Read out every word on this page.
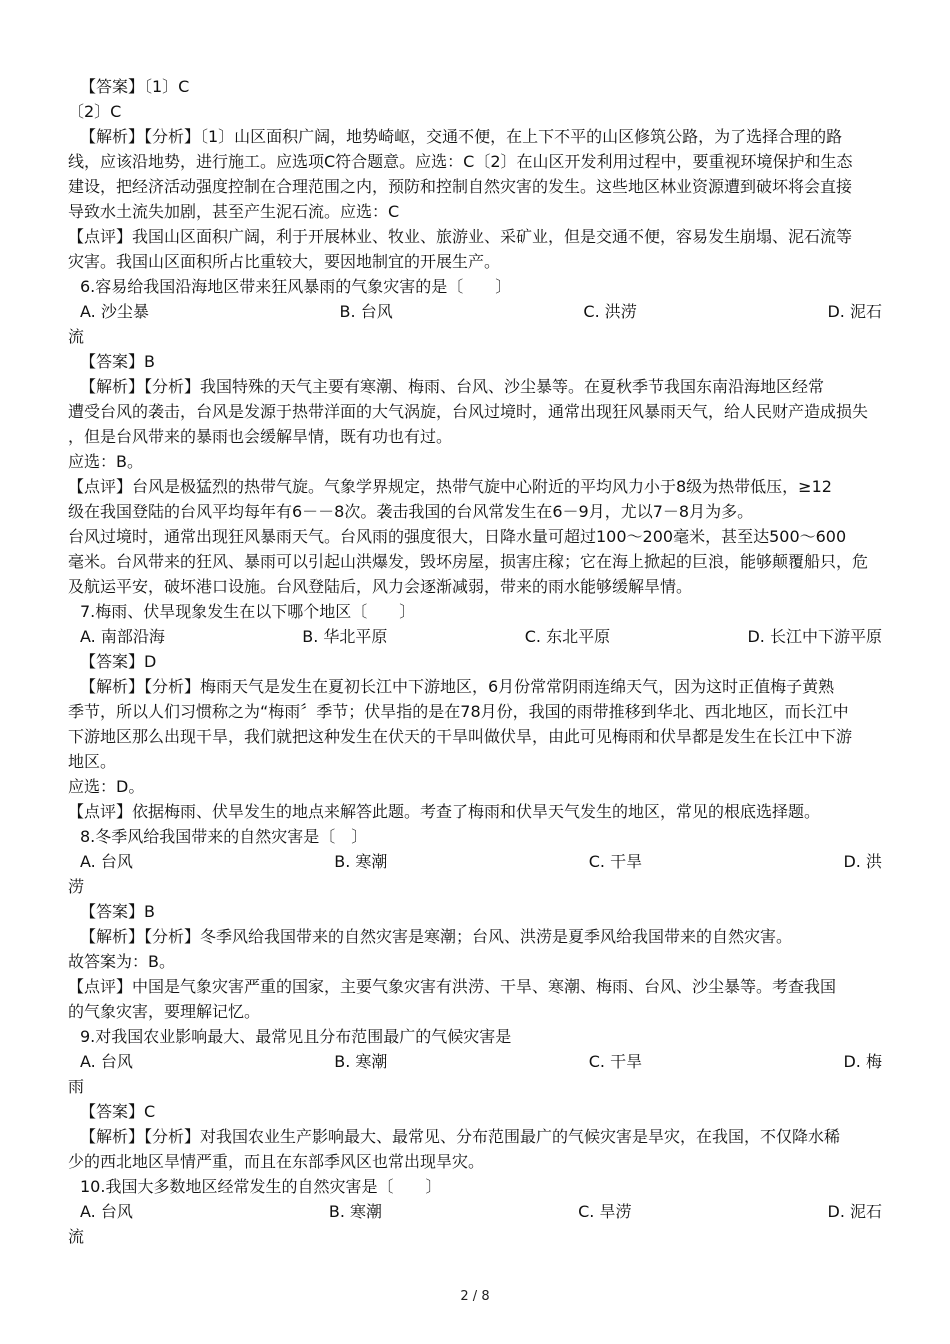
【答案】〔1〕C
〔2〕C
【解析】【分析】〔1〕山区面积广阔，地势崎岖，交通不便，在上下不平的山区修筑公路，为了选择合理的路
线，应该沿地势，进行施工。应选项C符合题意。应选：C〔2〕在山区开发利用过程中，要重视环境保护和生态
建设，把经济活动强度控制在合理范围之内，预防和控制自然灾害的发生。这些地区林业资源遭到破坏将会直接
导致水土流失加剧，甚至产生泥石流。应选：C
【点评】我国山区面积广阔，利于开展林业、牧业、旅游业、采矿业，但是交通不便，容易发生崩塌、泥石流等
灾害。我国山区面积所占比重较大，要因地制宜的开展生产。
6.容易给我国沿海地区带来狂风暴雨的气象灾害的是〔　　〕
A. 沙尘暴	B. 台风	C. 洪涝	D. 泥石
流
【答案】B
【解析】【分析】我国特殊的天气主要有寒潮、梅雨、台风、沙尘暴等。在夏秋季节我国东南沿海地区经常
遭受台风的袭击，台风是发源于热带洋面的大气涡旋，台风过境时，通常出现狂风暴雨天气，给人民财产造成损失
，但是台风带来的暴雨也会缓解旱情，既有功也有过。
应选：B。
【点评】台风是极猛烈的热带气旋。气象学界规定，热带气旋中心附近的平均风力小于8级为热带低压，≥12
级在我国登陆的台风平均每年有6－－8次。袭击我国的台风常发生在6－9月，尤以7－8月为多。
台风过境时，通常出现狂风暴雨天气。台风雨的强度很大，日降水量可超过100～200毫米，甚至达500～600
毫米。台风带来的狂风、暴雨可以引起山洪爆发，毁坏房屋，损害庄稼；它在海上掀起的巨浪，能够颠覆船只，危
及航运平安，破坏港口设施。台风登陆后，风力会逐渐减弱，带来的雨水能够缓解旱情。
7.梅雨、伏旱现象发生在以下哪个地区〔　　〕
A. 南部沿海	B. 华北平原	C. 东北平原	D. 长江中下游平原
【答案】D
【解析】【分析】梅雨天气是发生在夏初长江中下游地区，6月份常常阴雨连绵天气，因为这时正值梅子黄熟
季节，所以人们习惯称之为“梅雨〞季节；伏旱指的是在78月份，我国的雨带推移到华北、西北地区，而长江中
下游地区那么出现干旱，我们就把这种发生在伏天的干旱叫做伏旱，由此可见梅雨和伏旱都是发生在长江中下游
地区。
应选：D。
【点评】依据梅雨、伏旱发生的地点来解答此题。考查了梅雨和伏旱天气发生的地区，常见的根底选择题。
8.冬季风给我国带来的自然灾害是〔　〕
A. 台风	B. 寒潮	C. 干旱	D. 洪
涝
【答案】B
【解析】【分析】冬季风给我国带来的自然灾害是寒潮；台风、洪涝是夏季风给我国带来的自然灾害。
故答案为：B。
【点评】中国是气象灾害严重的国家，主要气象灾害有洪涝、干旱、寒潮、梅雨、台风、沙尘暴等。考查我国
的气象灾害，要理解记忆。
9.对我国农业影响最大、最常见且分布范围最广的气候灾害是
A. 台风	B. 寒潮	C. 干旱	D. 梅
雨
【答案】C
【解析】【分析】对我国农业生产影响最大、最常见、分布范围最广的气候灾害是旱灾，在我国，不仅降水稀
少的西北地区旱情严重，而且在东部季风区也常出现旱灾。
10.我国大多数地区经常发生的自然灾害是〔　　〕
A. 台风	B. 寒潮	C. 旱涝	D. 泥石
流
2 / 8
